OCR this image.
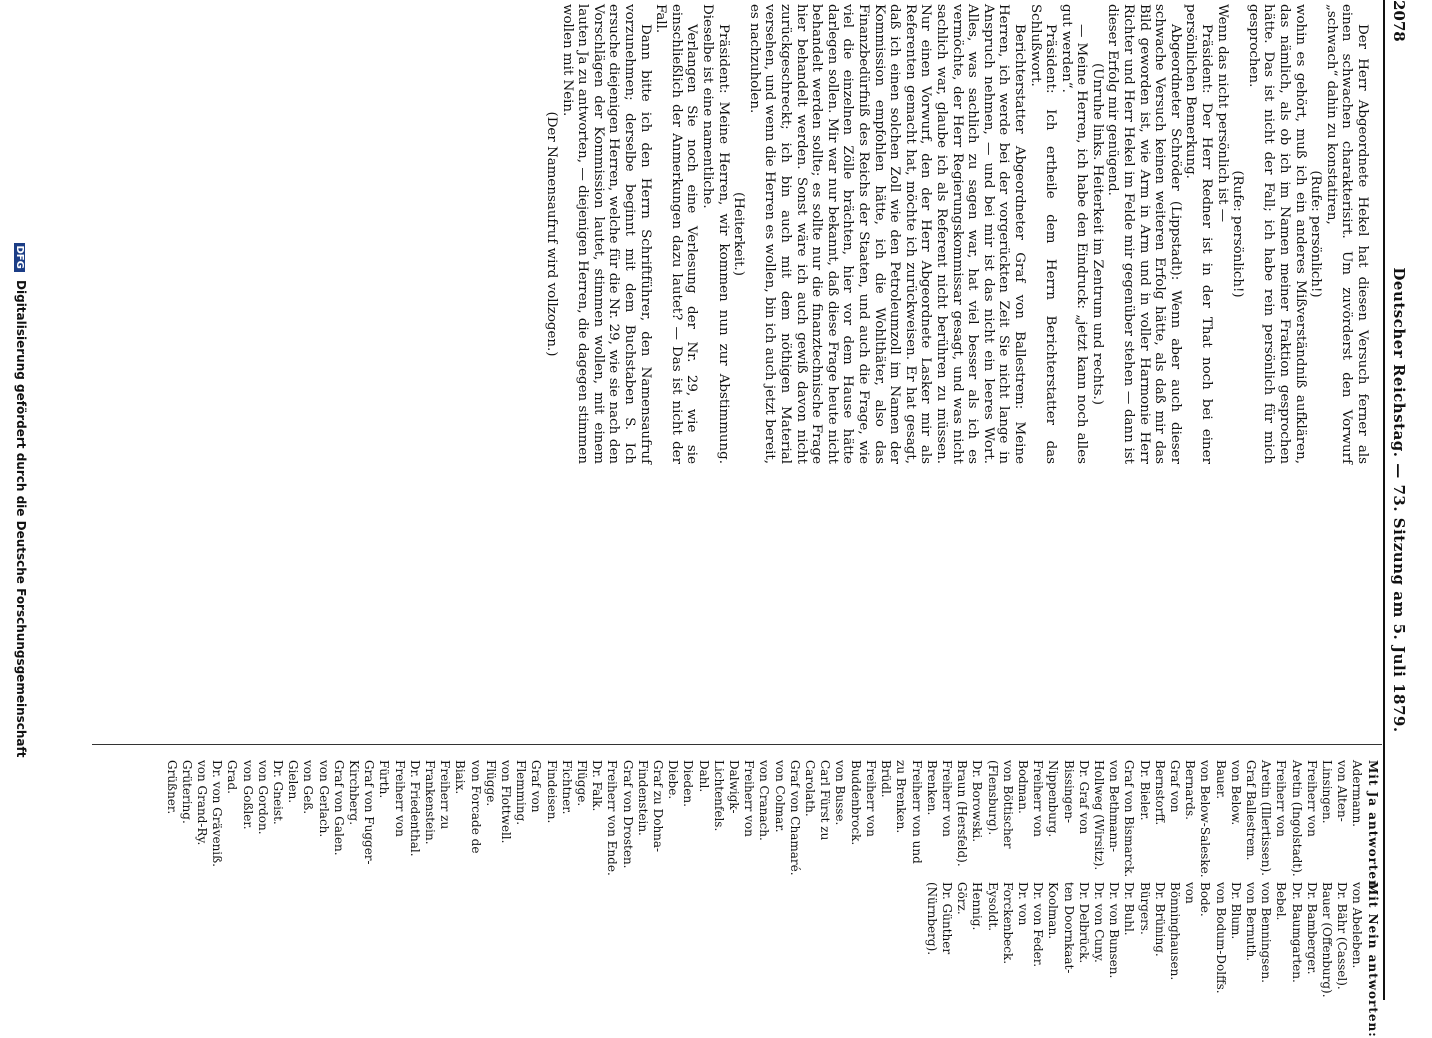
2078
Deutscher Reichstag. — 73. Sitzung am 5. Juli 1879.

Der Herr Abgeordnete Hekel hat diesen Versuch ferner als einen schwachen charakterisirt. Um zuvörderst den Vorwurf „schwach“ dahin zu konstatiren,

(Rufe: persönlich!)

wohin es gehört, muß ich ein anderes Mißverständniß aufklären, das nämlich, als ob ich im Namen meiner Fraktion gesprochen hätte. Das ist nicht der Fall; ich habe rein persönlich für mich gesprochen.

(Rufe: persönlich!)

Wenn das nicht persönlich ist —

Präsident: Der Herr Redner ist in der That noch bei einer persönlichen Bemerkung.

Abgeordneter Schröder (Lippstadt): Wenn aber auch dieser schwache Versuch keinen weiteren Erfolg hätte, als daß mir das Bild geworden ist, wie Arm in Arm und in voller Harmonie Herr Richter und Herr Hekel im Felde mir gegenüber stehen — dann ist dieser Erfolg mir genügend.

(Unruhe links. Heiterkeit im Zentrum und rechts.)

— Meine Herren, ich habe den Eindruck: „jetzt kann noch alles gut werden“.

Präsident: Ich ertheile dem Herrn Berichterstatter das Schlußwort.

Berichterstatter Abgeordneter Graf von Ballestrem: Meine Herren, ich werde bei der vorgerückten Zeit Sie nicht lange in Anspruch nehmen, — und bei mir ist das nicht ein leeres Wort. Alles, was sachlich zu sagen war, hat viel besser als ich es vermöchte, der Herr Regierungskommissar gesagt, und was nicht sachlich war, glaube ich als Referent nicht berühren zu müssen. Nur einen Vorwurf, den der Herr Abgeordnete Lasker mir als Referenten gemacht hat, möchte ich zurückweisen. Er hat gesagt, daß ich einen solchen Zoll wie den Petroleumzoll im Namen der Kommission empfohlen hätte, ich die Wohlthäter, also das Finanzbedürfniß des Reichs der Staaten, und auch die Frage, wie viel die einzelnen Zölle brächten, hier vor dem Hause hätte darlegen sollen. Mir war nur bekannt, daß diese Frage heute nicht behandelt werden sollte; es sollte nur die finanztechnische Frage hier behandelt werden. Sonst wäre ich auch gewiß davon nicht zurückgeschreckt; ich bin auch mit dem nöthigen Material versehen, und wenn die Herren es wollen, bin ich auch jetzt bereit, es nachzuholen.

(Heiterkeit.)

Präsident: Meine Herren, wir kommen nun zur Abstimmung. Dieselbe ist eine namentliche.

Verlangen Sie noch eine Verlesung der Nr. 29, wie sie einschließlich der Anmerkungen dazu lautet? — Das ist nicht der Fall.

Dann bitte ich den Herrn Schriftführer, den Namensaufruf vorzunehmen; derselbe beginnt mit dem Buchstaben S. Ich ersuche diejenigen Herren, welche für die Nr. 29, wie sie nach den Vorschlägen der Kommission lautet, stimmen wollen, mit einem lauten Ja zu antworten, — diejenigen Herren, die dagegen stimmen wollen mit Nein.

(Der Namensaufruf wird vollzogen.)

Mit Ja antworten:

Adermann.

von Alten-Linsingen.

Freiherr von Aretin (Ingolstadt).

Freiherr von Aretin (Illertissen).

Graf Ballestrem.

von Below.

Bauer.

von Below-Saleske.

Bernards.

Graf von Bernstorff.

Dr. Bieler.

Graf von Bismarck.

von Bethmann-Hollweg (Wirsitz).

Dr. Graf von Bissingen-Nippenburg.

Freiherr von Bodman.

von Böttischer (Flensburg).

Dr. Borowski.

Braun (Hersfeld).

Freiherr von Brenken.

Freiherr von und zu Brenken.

Brüdl.

Freiherr von Buddenbrock.

von Busse.

Carl Fürst zu Carolath.

Graf von Chamaré.

von Colmar.

von Cranach.

Freiherr von Dalwigk-Lichtenfels.

Dahl.

Dieden.

Diebe.

Graf zu Dohna-Findenstein.

Graf von Drosten.

Freiherr von Ende.

Dr. Falk.

Flügge.

Fichtner.

Findeisen.

Graf von Flemming.

von Flottwell.

Flügge.

von Forcade de Biaix.

Freiherr zu Frankenstein.

Dr. Friedenthal.

Freiherr von Fürth.

Graf von Fugger-Kirchberg.

Graf von Galen.

von Gerlach.

von Geß.

Gielen.

Dr. Gneist.

von Gordon.

von Goßler.

Grad.

Dr. von Gräveniß.

von Grand-Ry.

Grütering.

Grüßner.

Mit Nein antworten:

von Abeleben.

Dr. Bähr (Cassel).

Bauer (Offenburg).

Dr. Bamberger.

Dr. Baumgarten.

Bebel.

von Benningsen.

von Bernuth.

Dr. Blum.

von Bodum-Dolffs.

Bode.

von Bönninghausen.

Dr. Brüning.

Bürgers.

Dr. Buhl.

Dr. von Bunsen.

Dr. von Cuny.

Dr. Delbrück.

ten Doornkaat-Koolman.

Dr. von Feder.

Dr. von Forckenbeck.

Eysoldt.

Hennig.

Görz.

Dr. Günther (Nürnberg).

DFG Digitalisierung gefördert durch die Deutsche Forschungsgemeinschaft
